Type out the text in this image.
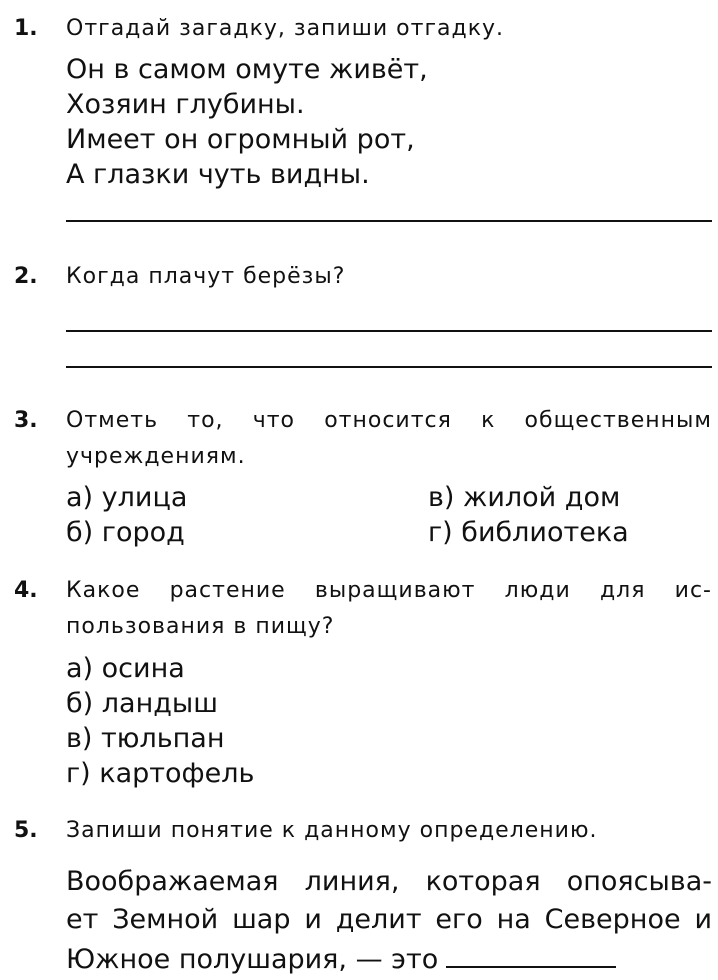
1. Отгадай загадку, запиши отгадку.
Он в самом омуте живёт,
Хозяин глубины.
Имеет он огромный рот,
А глазки чуть видны.
2. Когда плачут берёзы?
3. Отметь то, что относится к общественным
учреждениям.
а) улица
б) город
в) жилой дом
г) библиотека
4. Какое растение выращивают люди для ис-
пользования в пищу?
а) осина
б) ландыш
в) тюльпан
г) картофель
5. Запиши понятие к данному определению.
Воображаемая линия, которая опоясыва-
ет Земной шар и делит его на Северное и
Южное полушария, — это
